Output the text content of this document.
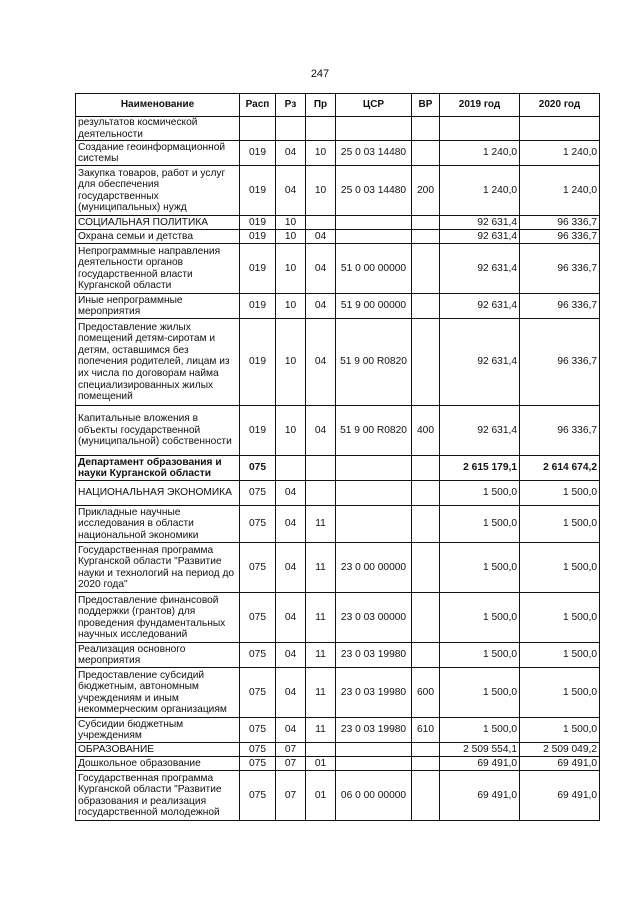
247
Наименование	Расп	Рз	Пр	ЦСР	ВР	2019 год	2020 год
результатов космической деятельности							
Создание геоинформационной системы	019	04	10	25 0 03 14480		1 240,0	1 240,0
Закупка товаров, работ и услуг для обеспечения государственных (муниципальных) нужд	019	04	10	25 0 03 14480	200	1 240,0	1 240,0
СОЦИАЛЬНАЯ ПОЛИТИКА	019	10				92 631,4	96 336,7
Охрана семьи и детства	019	10	04			92 631,4	96 336,7
Непрограммные направления деятельности органов государственной власти Курганской области	019	10	04	51 0 00 00000		92 631,4	96 336,7
Иные непрограммные мероприятия	019	10	04	51 9 00 00000		92 631,4	96 336,7
Предоставление жилых помещений детям-сиротам и детям, оставшимся без попечения родителей, лицам из их числа по договорам найма специализированных жилых помещений	019	10	04	51 9 00 R0820		92 631,4	96 336,7
Капитальные вложения в объекты государственной (муниципальной) собственности	019	10	04	51 9 00 R0820	400	92 631,4	96 336,7
Департамент образования и науки Курганской области	075					2 615 179,1	2 614 674,2
НАЦИОНАЛЬНАЯ ЭКОНОМИКА	075	04				1 500,0	1 500,0
Прикладные научные исследования в области национальной экономики	075	04	11			1 500,0	1 500,0
Государственная программа Курганской области "Развитие науки и технологий на период до 2020 года"	075	04	11	23 0 00 00000		1 500,0	1 500,0
Предоставление финансовой поддержки (грантов) для проведения фундаментальных научных исследований	075	04	11	23 0 03 00000		1 500,0	1 500,0
Реализация основного мероприятия	075	04	11	23 0 03 19980		1 500,0	1 500,0
Предоставление субсидий бюджетным, автономным учреждениям и иным некоммерческим организациям	075	04	11	23 0 03 19980	600	1 500,0	1 500,0
Субсидии бюджетным учреждениям	075	04	11	23 0 03 19980	610	1 500,0	1 500,0
ОБРАЗОВАНИЕ	075	07				2 509 554,1	2 509 049,2
Дошкольное образование	075	07	01			69 491,0	69 491,0
Государственная программа Курганской области "Развитие образования и реализация государственной молодежной	075	07	01	06 0 00 00000		69 491,0	69 491,0
